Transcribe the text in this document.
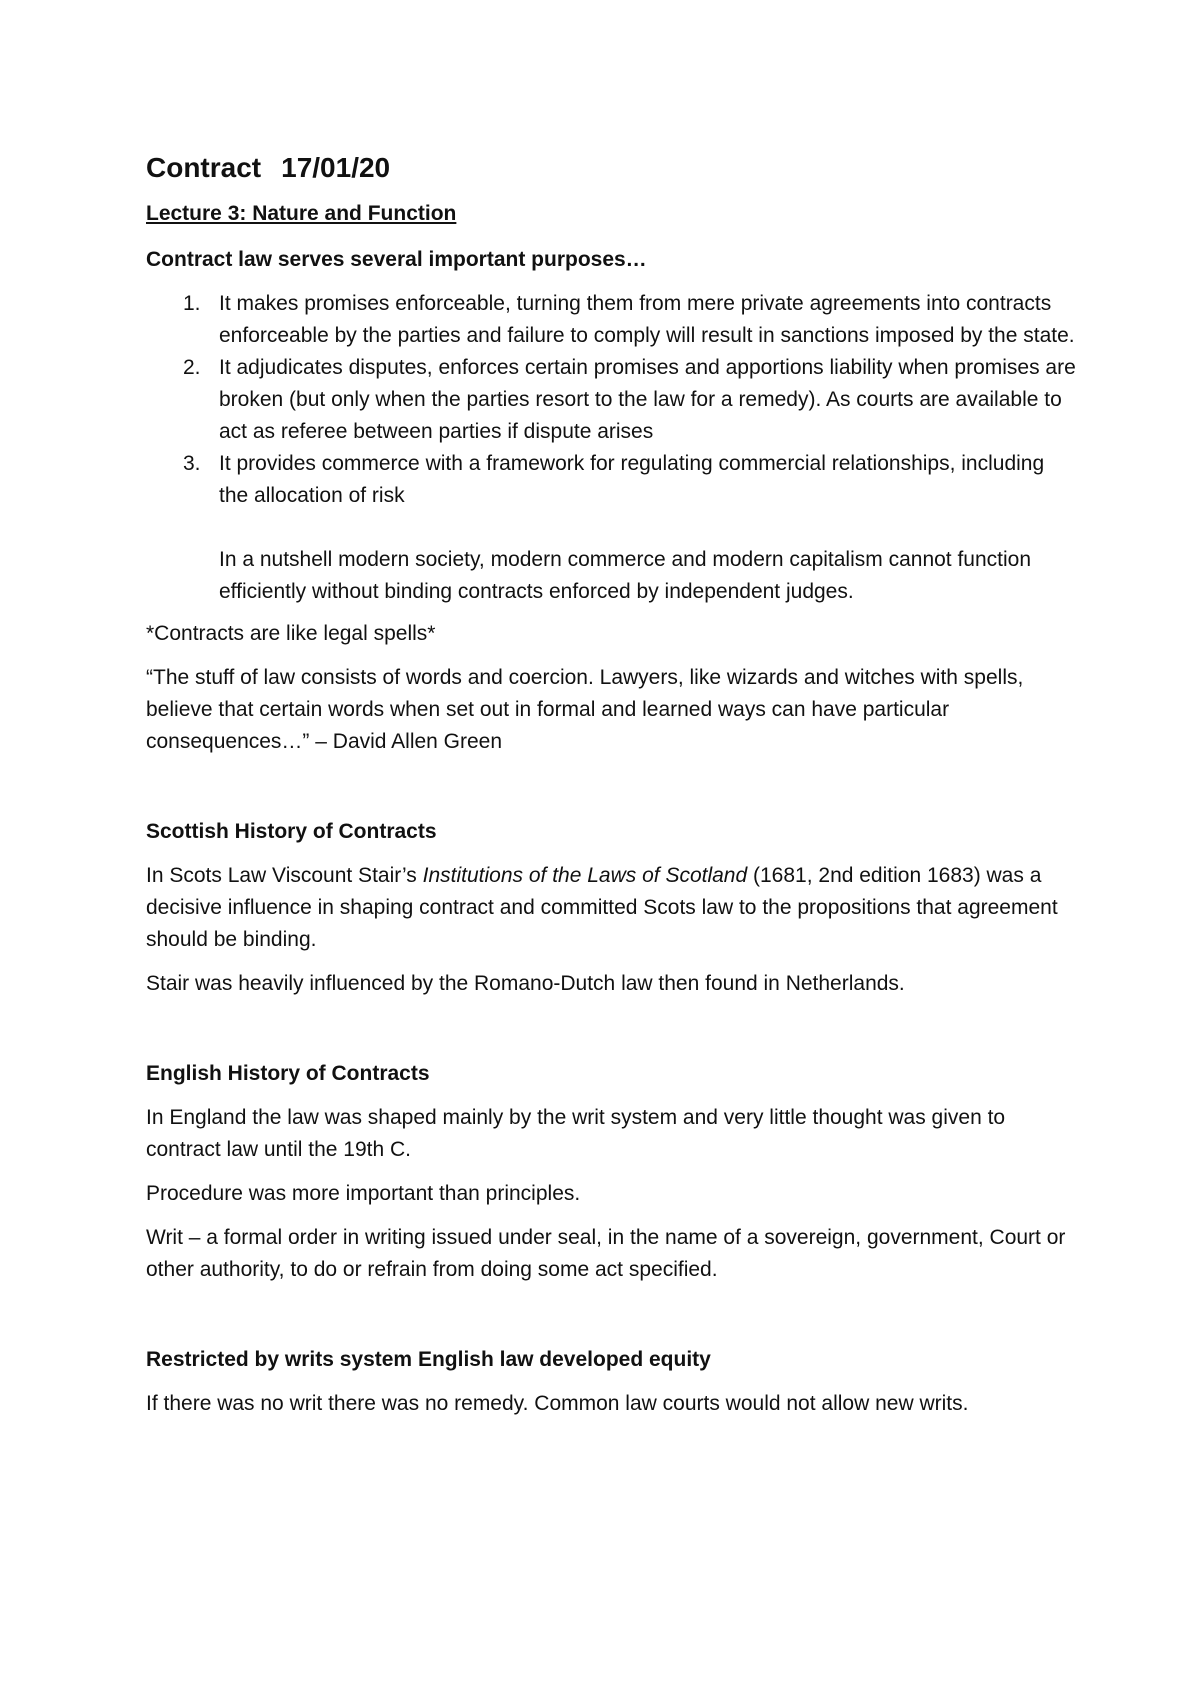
Contract 17/01/20
Lecture 3: Nature and Function
Contract law serves several important purposes…
1. It makes promises enforceable, turning them from mere private agreements into contracts enforceable by the parties and failure to comply will result in sanctions imposed by the state.
2. It adjudicates disputes, enforces certain promises and apportions liability when promises are broken (but only when the parties resort to the law for a remedy). As courts are available to act as referee between parties if dispute arises
3. It provides commerce with a framework for regulating commercial relationships, including the allocation of risk
In a nutshell modern society, modern commerce and modern capitalism cannot function efficiently without binding contracts enforced by independent judges.

*Contracts are like legal spells*

“The stuff of law consists of words and coercion. Lawyers, like wizards and witches with spells, believe that certain words when set out in formal and learned ways can have particular consequences…” – David Allen Green

Scottish History of Contracts

In Scots Law Viscount Stair’s Institutions of the Laws of Scotland (1681, 2nd edition 1683) was a decisive influence in shaping contract and committed Scots law to the propositions that agreement should be binding.

Stair was heavily influenced by the Romano-Dutch law then found in Netherlands.

English History of Contracts

In England the law was shaped mainly by the writ system and very little thought was given to contract law until the 19th C.

Procedure was more important than principles.

Writ – a formal order in writing issued under seal, in the name of a sovereign, government, Court or other authority, to do or refrain from doing some act specified.

Restricted by writs system English law developed equity

If there was no writ there was no remedy. Common law courts would not allow new writs.
